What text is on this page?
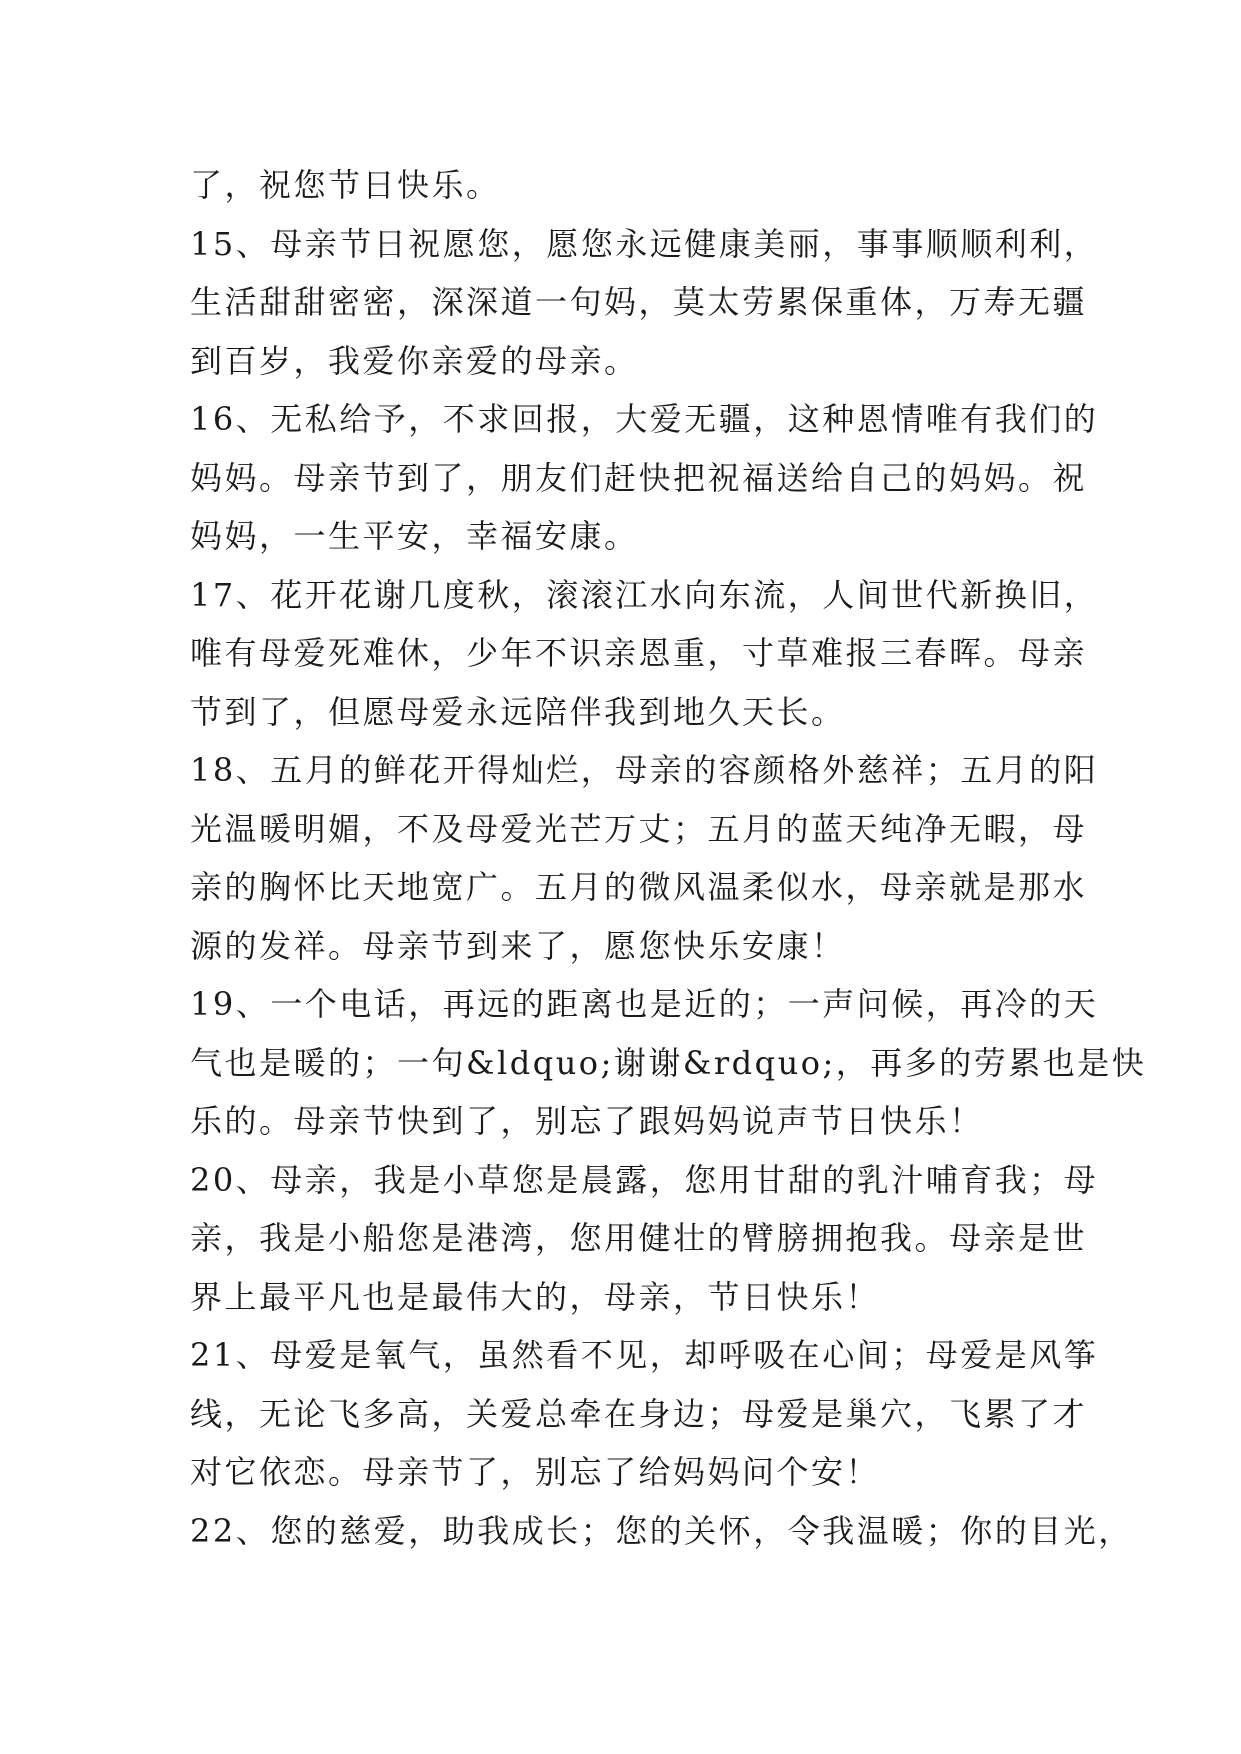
了，祝您节日快乐。
15、母亲节日祝愿您，愿您永远健康美丽，事事顺顺利利，
生活甜甜密密，深深道一句妈，莫太劳累保重体，万寿无疆
到百岁，我爱你亲爱的母亲。
16、无私给予，不求回报，大爱无疆，这种恩情唯有我们的
妈妈。母亲节到了，朋友们赶快把祝福送给自己的妈妈。祝
妈妈，一生平安，幸福安康。
17、花开花谢几度秋，滚滚江水向东流，人间世代新换旧，
唯有母爱死难休，少年不识亲恩重，寸草难报三春晖。母亲
节到了，但愿母爱永远陪伴我到地久天长。
18、五月的鲜花开得灿烂，母亲的容颜格外慈祥；五月的阳
光温暖明媚，不及母爱光芒万丈；五月的蓝天纯净无暇，母
亲的胸怀比天地宽广。五月的微风温柔似水，母亲就是那水
源的发祥。母亲节到来了，愿您快乐安康！
19、一个电话，再远的距离也是近的；一声问候，再冷的天
气也是暖的；一句&ldquo;谢谢&rdquo;，再多的劳累也是快
乐的。母亲节快到了，别忘了跟妈妈说声节日快乐！
20、母亲，我是小草您是晨露，您用甘甜的乳汁哺育我；母
亲，我是小船您是港湾，您用健壮的臂膀拥抱我。母亲是世
界上最平凡也是最伟大的，母亲，节日快乐！
21、母爱是氧气，虽然看不见，却呼吸在心间；母爱是风筝
线，无论飞多高，关爱总牵在身边；母爱是巢穴，飞累了才
对它依恋。母亲节了，别忘了给妈妈问个安！
22、您的慈爱，助我成长；您的关怀，令我温暖；你的目光，
